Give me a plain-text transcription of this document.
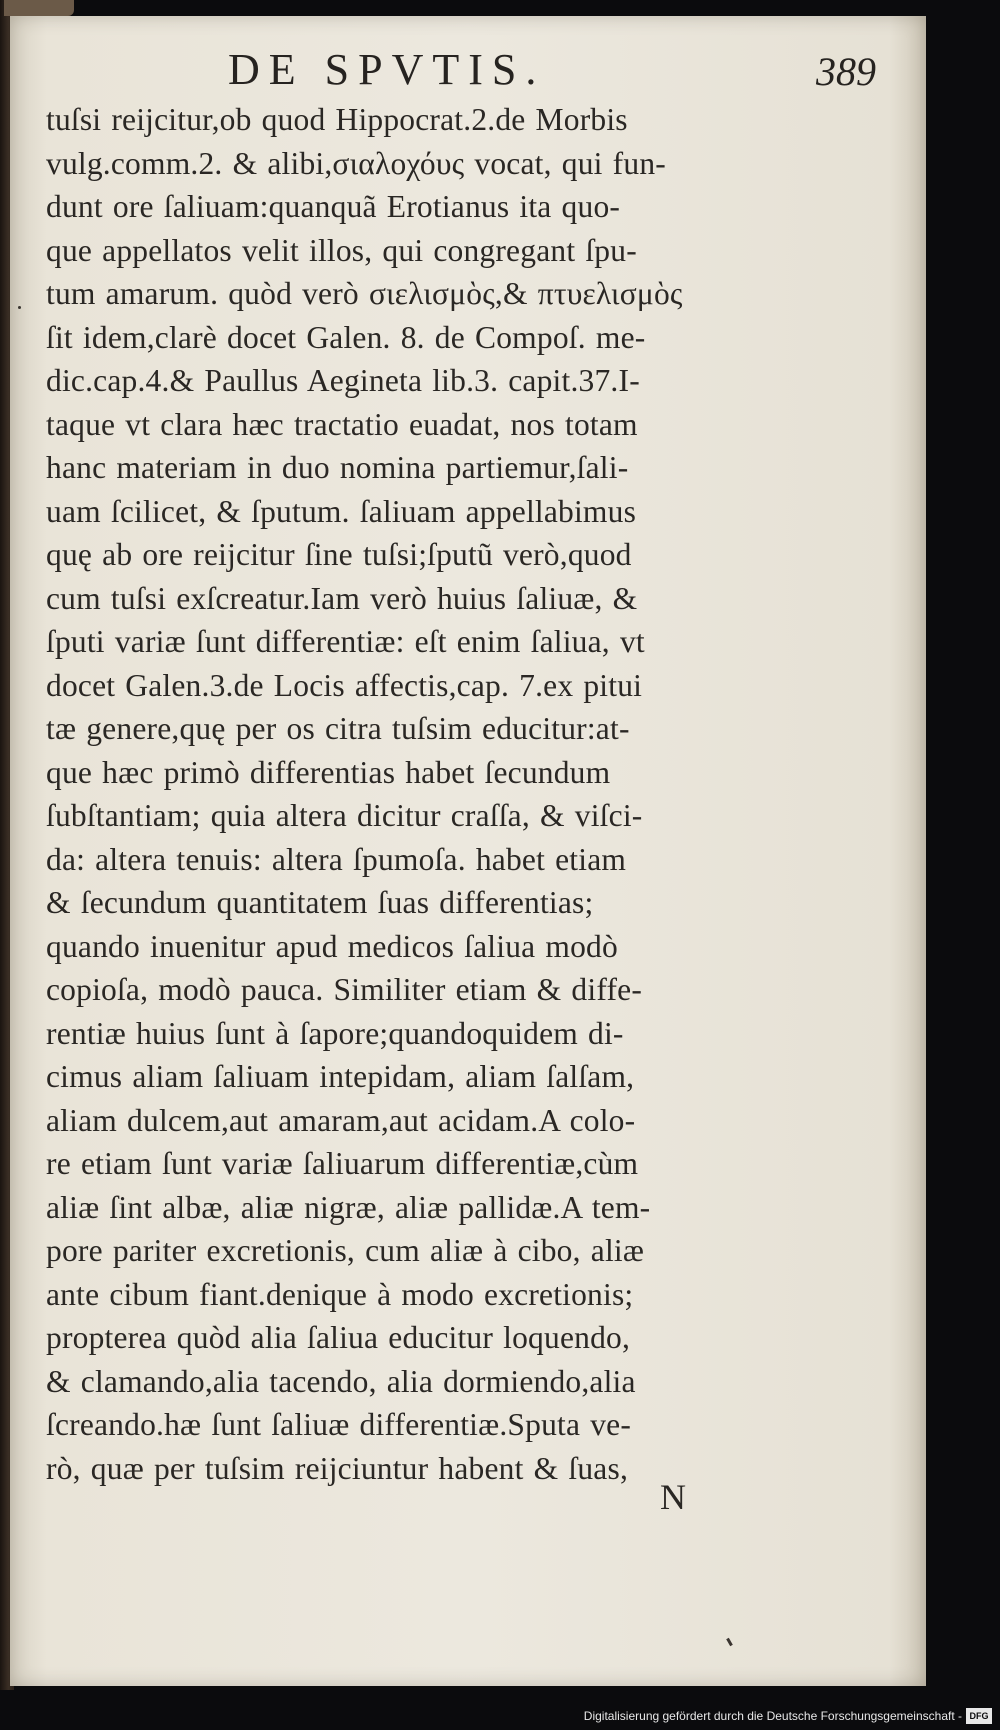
DE SPVTIS.	389
tuſsi reijcitur,ob quod Hippocrat.2.de Morbis
vulg.comm.2. & alibi,σιαλοχόυς vocat, qui fun-
dunt ore ſaliuam:quanquã Erotianus ita quo-
que appellatos velit illos, qui congregant ſpu-
tum amarum. quòd verò σιελισμὸς,& πτυελισμὸς
ſit idem,clarè docet Galen. 8. de Compoſ. me-
dic.cap.4.& Paullus Aegineta lib.3. capit.37.I-
taque vt clara hæc tractatio euadat, nos totam
hanc materiam in duo nomina partiemur,ſali-
uam ſcilicet, & ſputum. ſaliuam appellabimus
quę ab ore reijcitur ſine tuſsi;ſputũ verò,quod
cum tuſsi exſcreatur.Iam verò huius ſaliuæ, &
ſputi variæ ſunt differentiæ: eſt enim ſaliua, vt
docet Galen.3.de Locis affectis,cap. 7.ex pitui
tæ genere,quę per os citra tuſsim educitur:at-
que hæc primò differentias habet ſecundum
ſubſtantiam; quia altera dicitur craſſa, & viſci-
da: altera tenuis: altera ſpumoſa. habet etiam
& ſecundum quantitatem ſuas differentias;
quando inuenitur apud medicos ſaliua modò
copioſa, modò pauca. Similiter etiam & diffe-
rentiæ huius ſunt à ſapore;quandoquidem di-
cimus aliam ſaliuam intepidam, aliam ſalſam,
aliam dulcem,aut amaram,aut acidam.A colo-
re etiam ſunt variæ ſaliuarum differentiæ,cùm
aliæ ſint albæ, aliæ nigræ, aliæ pallidæ.A tem-
pore pariter excretionis, cum aliæ à cibo, aliæ
ante cibum fiant.denique à modo excretionis;
propterea quòd alia ſaliua educitur loquendo,
& clamando,alia tacendo, alia dormiendo,alia
ſcreando.hæ ſunt ſaliuæ differentiæ.Sputa ve-
rò, quæ per tuſsim reijciuntur habent & ſuas,
N
Digitalisierung gefördert durch die Deutsche Forschungsgemeinschaft - DFG
